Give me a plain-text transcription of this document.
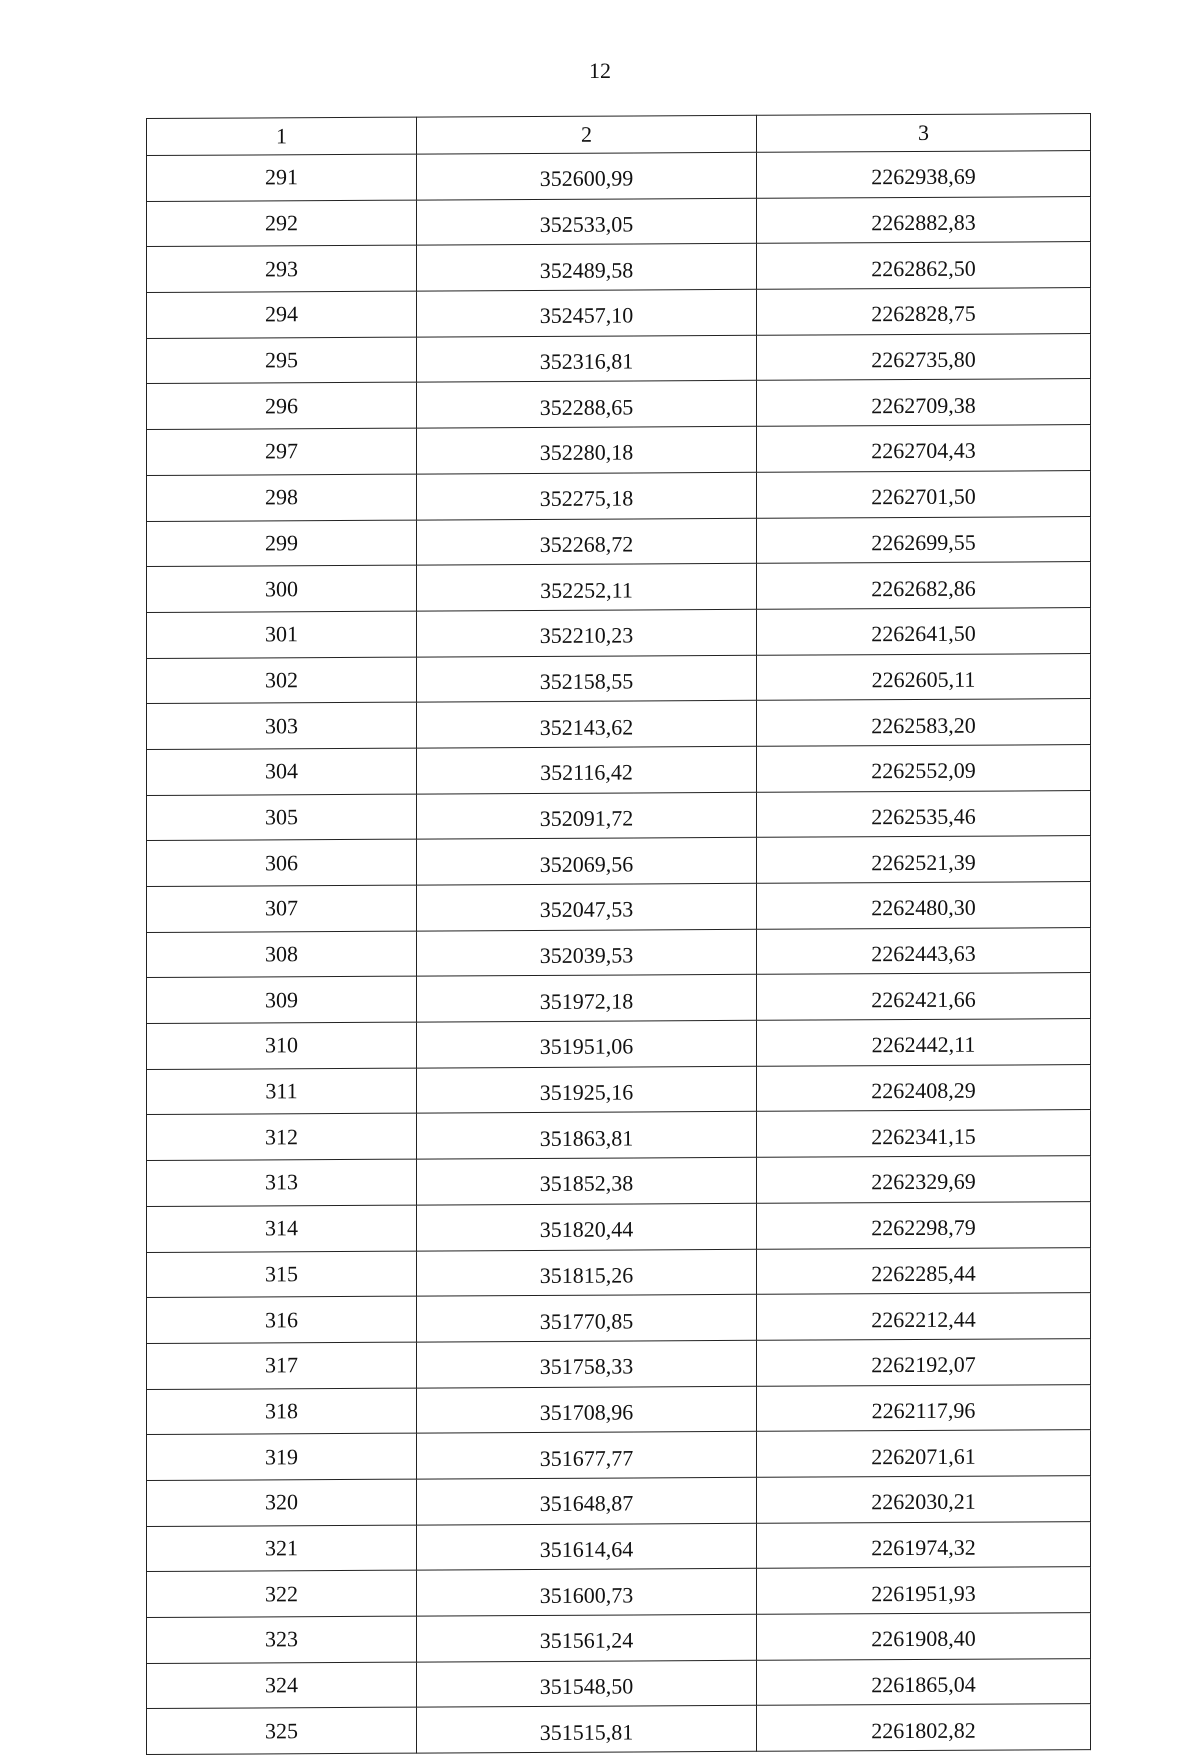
12
1	2	3
291	352600,99	2262938,69
292	352533,05	2262882,83
293	352489,58	2262862,50
294	352457,10	2262828,75
295	352316,81	2262735,80
296	352288,65	2262709,38
297	352280,18	2262704,43
298	352275,18	2262701,50
299	352268,72	2262699,55
300	352252,11	2262682,86
301	352210,23	2262641,50
302	352158,55	2262605,11
303	352143,62	2262583,20
304	352116,42	2262552,09
305	352091,72	2262535,46
306	352069,56	2262521,39
307	352047,53	2262480,30
308	352039,53	2262443,63
309	351972,18	2262421,66
310	351951,06	2262442,11
311	351925,16	2262408,29
312	351863,81	2262341,15
313	351852,38	2262329,69
314	351820,44	2262298,79
315	351815,26	2262285,44
316	351770,85	2262212,44
317	351758,33	2262192,07
318	351708,96	2262117,96
319	351677,77	2262071,61
320	351648,87	2262030,21
321	351614,64	2261974,32
322	351600,73	2261951,93
323	351561,24	2261908,40
324	351548,50	2261865,04
325	351515,81	2261802,82
